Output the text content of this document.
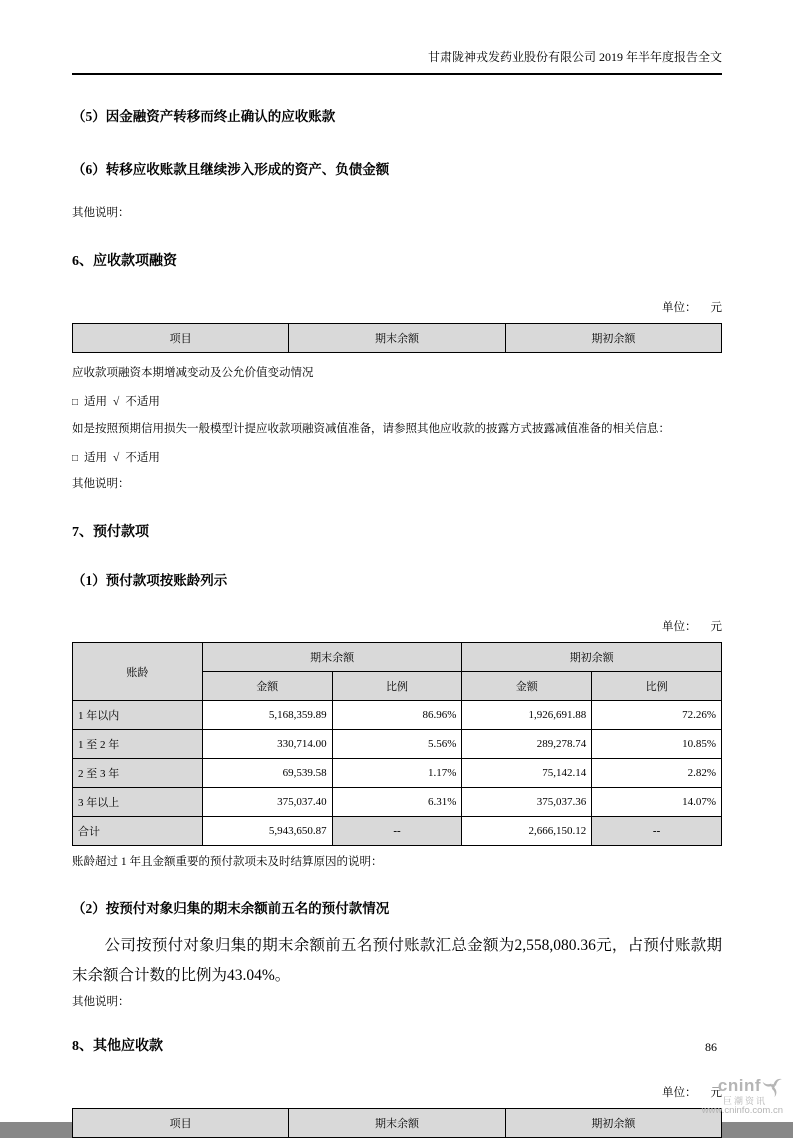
甘肃陇神戎发药业股份有限公司 2019 年半年度报告全文
（5）因金融资产转移而终止确认的应收账款
（6）转移应收账款且继续涉入形成的资产、负债金额
其他说明：
6、应收款项融资
单位： 元
项目	期末余额	期初余额
应收款项融资本期增减变动及公允价值变动情况
□ 适用 √ 不适用
如是按照预期信用损失一般模型计提应收款项融资减值准备，请参照其他应收款的披露方式披露减值准备的相关信息：
□ 适用 √ 不适用
其他说明：
7、预付款项
（1）预付款项按账龄列示
单位： 元
账龄	期末余额		期初余额	
	金额	比例	金额	比例
1 年以内	5,168,359.89	86.96%	1,926,691.88	72.26%
1 至 2 年	330,714.00	5.56%	289,278.74	10.85%
2 至 3 年	69,539.58	1.17%	75,142.14	2.82%
3 年以上	375,037.40	6.31%	375,037.36	14.07%
合计	5,943,650.87	--	2,666,150.12	--
账龄超过 1 年且金额重要的预付款项未及时结算原因的说明：
（2）按预付对象归集的期末余额前五名的预付款情况

公司按预付对象归集的期末余额前五名预付账款汇总金额为2,558,080.36元，占预付账款期末余额合计数的比例为43.04%。

其他说明：
8、其他应收款
单位： 元
项目	期末余额	期初余额
86
cninf
巨潮资讯
www.cninfo.com.cn
